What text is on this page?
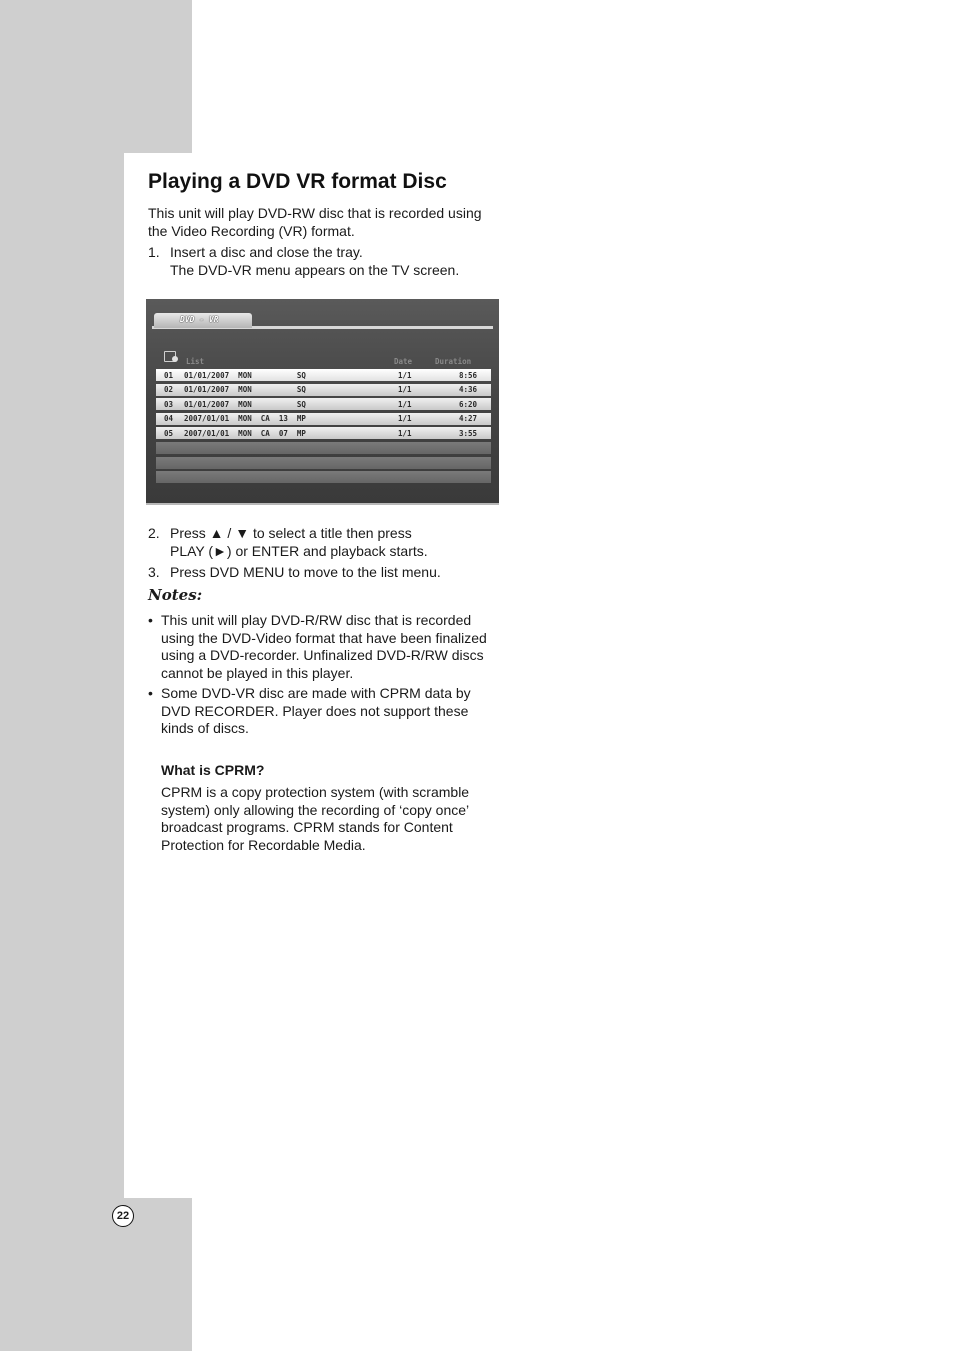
22
Playing a DVD VR format Disc

This unit will play DVD-RW disc that is recorded using the Video Recording (VR) format.

1. Insert a disc and close the tray.
The DVD-VR menu appears on the TV screen.
DVD - VR
List	Date	Duration
01 01/01/2007  MON          SQ	1/1	8:56
02 01/01/2007  MON          SQ	1/1	4:36
03 01/01/2007  MON          SQ	1/1	6:20
04 2007/01/01  MON  CA  13  MP	1/1	4:27
05 2007/01/01  MON  CA  07  MP	1/1	3:55
2. Press ▲ / ▼ to select a title then press
PLAY (►) or ENTER and playback starts.
3. Press DVD MENU to move to the list menu.

Notes:

• This unit will play DVD-R/RW disc that is recorded using the DVD-Video format that have been finalized using a DVD-recorder. Unfinalized DVD-R/RW discs cannot be played in this player.
• Some DVD-VR disc are made with CPRM data by DVD RECORDER. Player does not support these kinds of discs.

What is CPRM?

CPRM is a copy protection system (with scramble system) only allowing the recording of ‘copy once’ broadcast programs. CPRM stands for Content Protection for Recordable Media.
